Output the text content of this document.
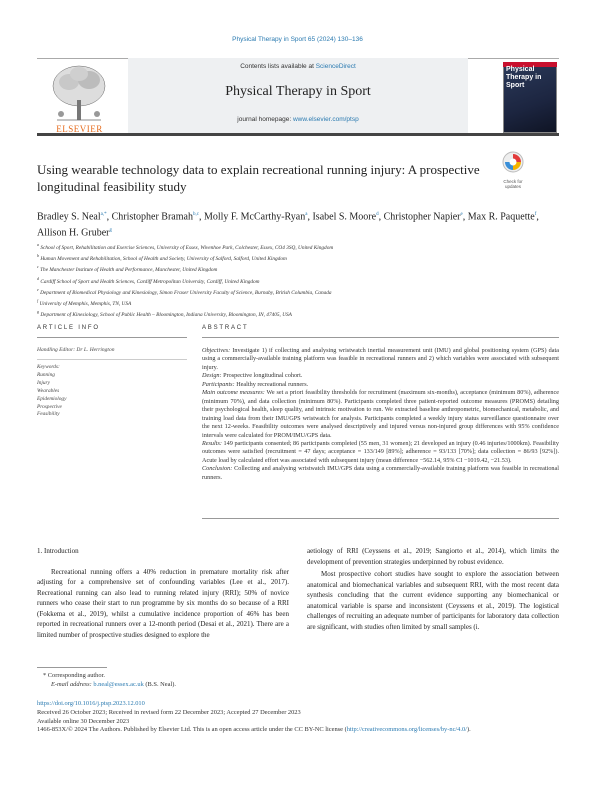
Physical Therapy in Sport 65 (2024) 130–136
ELSEVIER
Contents lists available at ScienceDirect
Physical Therapy in Sport
journal homepage: www.elsevier.com/ptsp
Physical Therapy in Sport
Using wearable technology data to explain recreational running injury: A prospective longitudinal feasibility study	Check for updates
Bradley S. Neal$^{a,*}$, Christopher Bramah$^{b,c}$, Molly F. McCarthy-Ryan$^a$, Isabel S. Moore$^d$, Christopher Napier$^e$, Max R. Paquette$^f$, Allison H. Gruber$^g$
$^a$ School of Sport, Rehabilitation and Exercise Sciences, University of Essex, Wivenhoe Park, Colchester, Essex, CO4 3SQ, United Kingdom
$^b$ Human Movement and Rehabilitation, School of Health and Society, University of Salford, Salford, United Kingdom
$^c$ The Manchester Institute of Health and Performance, Manchester, United Kingdom
$^d$ Cardiff School of Sport and Health Sciences, Cardiff Metropolitan University, Cardiff, United Kingdom
$^e$ Department of Biomedical Physiology and Kinesiology, Simon Fraser University Faculty of Science, Burnaby, British Columbia, Canada
$^f$ University of Memphis, Memphis, TN, USA
$^g$ Department of Kinesiology, School of Public Health – Bloomington, Indiana University, Bloomington, IN, 47405, USA
ARTICLE INFO	ABSTRACT
Handling Editor: Dr L. Herrington
Keywords:
Running
Injury
Wearables
Epidemiology
Prospective
Feasibility
Objectives: Investigate 1) if collecting and analysing wristwatch inertial measurement unit (IMU) and global positioning system (GPS) data using a commercially-available training platform was feasible in recreational runners and 2) which variables were associated with subsequent injury.
Design: Prospective longitudinal cohort.
Participants: Healthy recreational runners.
Main outcome measures: We set a priori feasibility thresholds for recruitment (maximum six-months), acceptance (minimum 80%), adherence (minimum 70%), and data collection (minimum 80%). Participants completed three patient-reported outcome measures (PROMS) detailing their psychological health, sleep quality, and intrinsic motivation to run. We extracted baseline anthropometric, biomechanical, metabolic, and training load data from their IMU/GPS wristwatch for analysis. Participants completed a weekly injury status surveillance questionnaire over the next 12-weeks. Feasibility outcomes were analysed descriptively and injured versus non-injured group differences with 95% confidence intervals were calculated for PROM/IMU/GPS data.
Results: 149 participants consented; 86 participants completed (55 men, 31 women); 21 developed an injury (0.46 injuries/1000km). Feasibility outcomes were satisfied (recruitment = 47 days; acceptance = 133/149 [89%]; adherence = 93/133 [70%]; data collection = 86/93 [92%]). Acute load by calculated effort was associated with subsequent injury (mean difference −562.14, 95% CI −1019.42, −21.53).
Conclusion: Collecting and analysing wristwatch IMU/GPS data using a commercially-available training platform was feasible in recreational runners.
1. Introduction

Recreational running offers a 40% reduction in premature mortality risk after adjusting for a comprehensive set of confounding variables (Lee et al., 2017). Recreational running can also lead to running related injury (RRI); 50% of novice runners who cease their start to run programme by six months do so because of a RRI (Fokkema et al., 2019), whilst a cumulative incidence proportion of 46% has been reported in recreational runners over a 12-month period (Desai et al., 2021). There are a limited number of prospective studies designed to explore the

aetiology of RRI (Ceyssens et al., 2019; Sangiorto et al., 2014), which limits the development of prevention strategies underpinned by robust evidence.

Most prospective cohort studies have sought to explore the association between anatomical and biomechanical variables and subsequent RRI, with the most recent data synthesis concluding that the current evidence supporting any biomechanical or anatomical variable is sparse and inconsistent (Ceyssens et al., 2019). The logistical challenges of recruiting an adequate number of participants for laboratory data collection are significant, with studies often limited by small samples (i.

* Corresponding author.
E-mail address: b.neal@essex.ac.uk (B.S. Neal).
https://doi.org/10.1016/j.ptsp.2023.12.010
Received 26 October 2023; Received in revised form 22 December 2023; Accepted 27 December 2023
Available online 30 December 2023
1466-853X/© 2024 The Authors. Published by Elsevier Ltd. This is an open access article under the CC BY-NC license (http://creativecommons.org/licenses/by-nc/4.0/).
